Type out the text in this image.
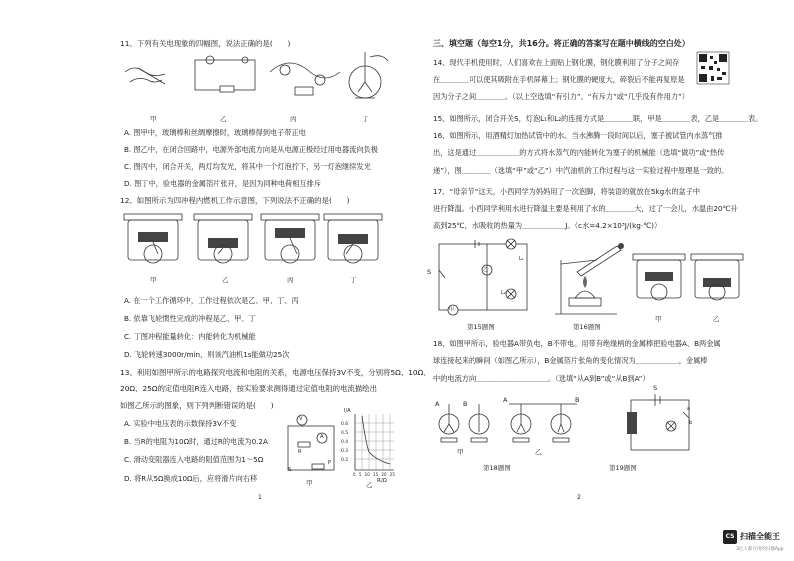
11、下列有关电现象的四幅图，说法正确的是(　　)
甲	乙	丙	丁
A. 图甲中，玻璃棒和丝绸摩擦时，玻璃棒得到电子带正电
B. 图乙中，在闭合回路中，电源外部电流方向是从电源正极经过用电器流向负极
C. 图丙中，闭合开关，两灯均发光，将其中一个灯泡拧下，另一灯泡继续发光
D. 图丁中，验电器的金属箔片张开，是因为同种电荷相互排斥
12、如图所示为四冲程内燃机工作示意图，下列说法不正确的是(　　)
甲	乙	丙	丁
A. 在一个工作循环中，工作过程依次是乙、甲、丁、丙
B. 依靠飞轮惯性完成的冲程是乙、甲、丁
C. 丁图冲程能量转化：内能转化为机械能
D. 飞轮转速3000r/min，则该汽油机1s能做功25次
13、利用如图甲所示的电路探究电流和电阻的关系，电源电压保持3V不变，分别将5Ω、10Ω、
20Ω、25Ω的定值电阻R连入电路，按实验要求测得通过定值电阻的电流描绘出
如图乙所示的图象，则下列判断错误的是(　　)
A. 实验中电压表的示数保持3V不变
B. 当R的电阻为10Ω时，通过R的电流为0.2A
C. 滑动变阻器连入电路的阻值范围为1～5Ω
D. 将R从5Ω换成10Ω后，应将滑片向右移
V
A
R
S
P
甲
I/A
0.6
0.5
0.4
0.3
0.2
0 5 10 15 20 25
R/Ω
乙
1
三、填空题（每空1分，共16分。将正确的答案写在题中横线的空白处）
14、现代手机使用时，人们喜欢在上面贴上钢化膜，钢化膜利用了分子之间存
在＿＿＿＿可以使其吸附在手机屏幕上；钢化膜的硬度大，碎裂后不能再复原是
因为分子之间＿＿＿＿。（以上空选填“有引力”、“有斥力”或“几乎没有作用力”）
15、如图所示，闭合开关S，灯泡L₁和L₂的连接方式是＿＿＿＿联，甲是＿＿＿＿表，乙是＿＿＿＿表。
16、如图所示，用酒精灯加热试管中的水。当水沸腾一段时间以后，塞子被试管内水蒸气推
出，这是通过＿＿＿＿＿＿的方式将水蒸气的内能转化为塞子的机械能（选填“做功”或“热传
递”），图＿＿＿＿（选填“甲”或“乙”）中汽油机的工作过程与这一实验过程中原理是一致的。
17、“母亲节”这天，小西同学为妈妈用了一次泡脚，将装语的就放在5kg水的盆子中
进行降温。小西同学利用水进行降温主要是利用了水的＿＿＿＿大，过了一会儿，水温由20℃升
高到25℃，水吸收的热量为＿＿＿＿＿＿J。（c水=4.2×10³J/(kg·℃)）
S
甲
乙
L₁
L₂
第15题图	第16题图
甲	乙
18、如图甲所示，验电器A带负电，B不带电。用带有绝缘柄的金属棒把验电器A、B两金属
球连接起来的瞬间（如图乙所示），B金属箔片张角的变化情况为＿＿＿＿＿＿，金属棒
中的电流方向＿＿＿＿＿＿＿＿＿＿。（选填“从A到B”或“从B到A”）
A	B	A	B
甲	乙
第18题图
S
a
b
第19题图
2
CS 扫描全能王
3亿人都在用的扫描App
